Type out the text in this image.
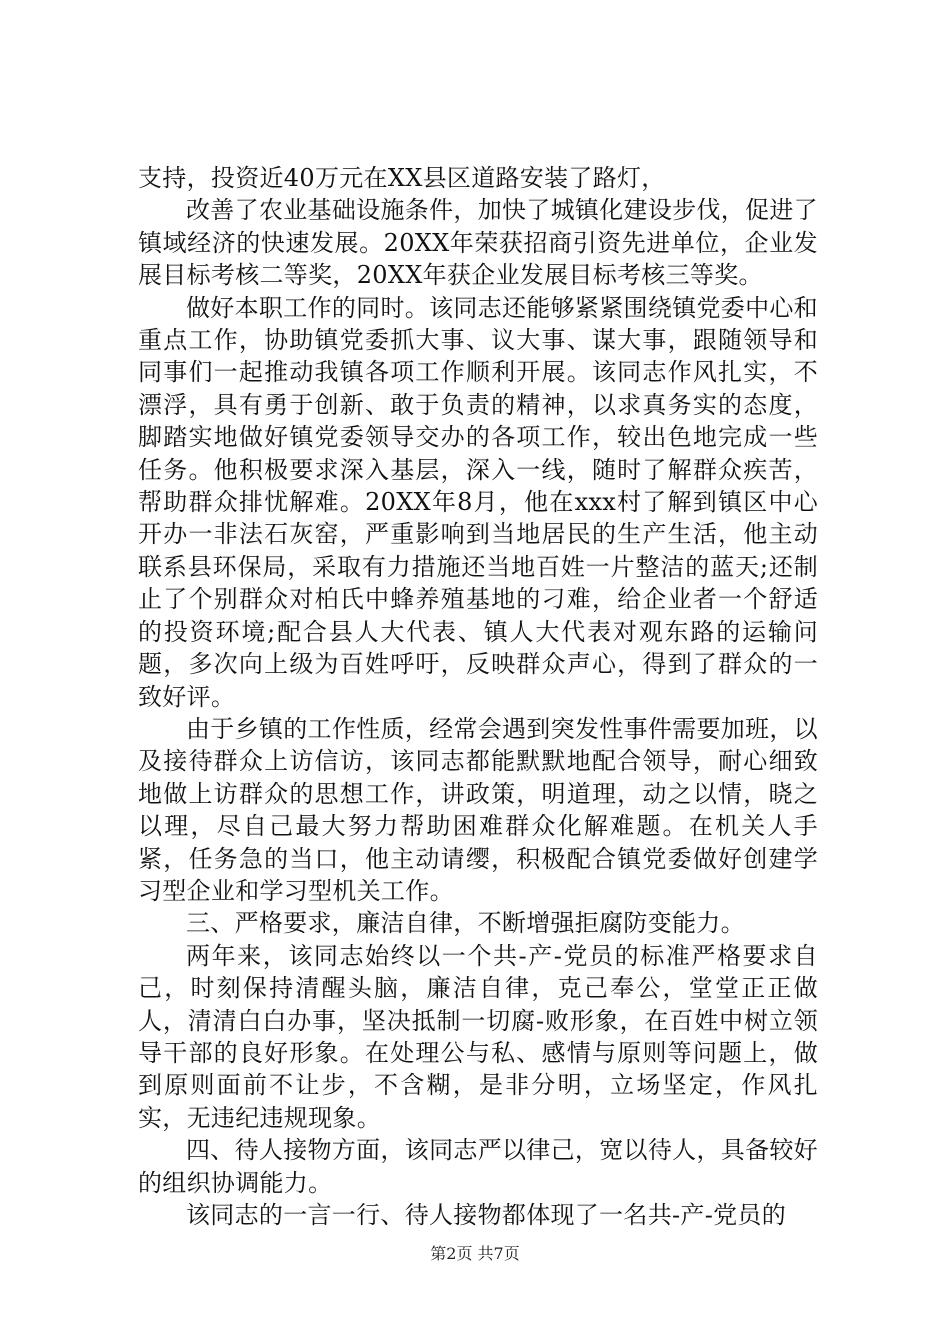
支持，投资近40万元在XX县区道路安装了路灯，

改善了农业基础设施条件，加快了城镇化建设步伐，促进了镇域经济的快速发展。20XX年荣获招商引资先进单位，企业发展目标考核二等奖，20XX年获企业发展目标考核三等奖。

做好本职工作的同时。该同志还能够紧紧围绕镇党委中心和重点工作，协助镇党委抓大事、议大事、谋大事，跟随领导和同事们一起推动我镇各项工作顺利开展。该同志作风扎实，不漂浮，具有勇于创新、敢于负责的精神，以求真务实的态度，脚踏实地做好镇党委领导交办的各项工作，较出色地完成一些任务。他积极要求深入基层，深入一线，随时了解群众疾苦，帮助群众排忧解难。20XX年8月，他在xxx村了解到镇区中心开办一非法石灰窑，严重影响到当地居民的生产生活，他主动联系县环保局，采取有力措施还当地百姓一片整洁的蓝天;还制止了个别群众对柏氏中蜂养殖基地的刁难，给企业者一个舒适的投资环境;配合县人大代表、镇人大代表对观东路的运输问题，多次向上级为百姓呼吁，反映群众声心，得到了群众的一致好评。

由于乡镇的工作性质，经常会遇到突发性事件需要加班，以及接待群众上访信访，该同志都能默默地配合领导，耐心细致地做上访群众的思想工作，讲政策，明道理，动之以情，晓之以理，尽自己最大努力帮助困难群众化解难题。在机关人手紧，任务急的当口，他主动请缨，积极配合镇党委做好创建学习型企业和学习型机关工作。

三、严格要求，廉洁自律，不断增强拒腐防变能力。

两年来，该同志始终以一个共-产-党员的标准严格要求自己，时刻保持清醒头脑，廉洁自律，克己奉公，堂堂正正做人，清清白白办事，坚决抵制一切腐-败形象，在百姓中树立领导干部的良好形象。在处理公与私、感情与原则等问题上，做到原则面前不让步，不含糊，是非分明，立场坚定，作风扎实，无违纪违规现象。

四、待人接物方面，该同志严以律己，宽以待人，具备较好的组织协调能力。

该同志的一言一行、待人接物都体现了一名共-产-党员的

第2页 共7页
